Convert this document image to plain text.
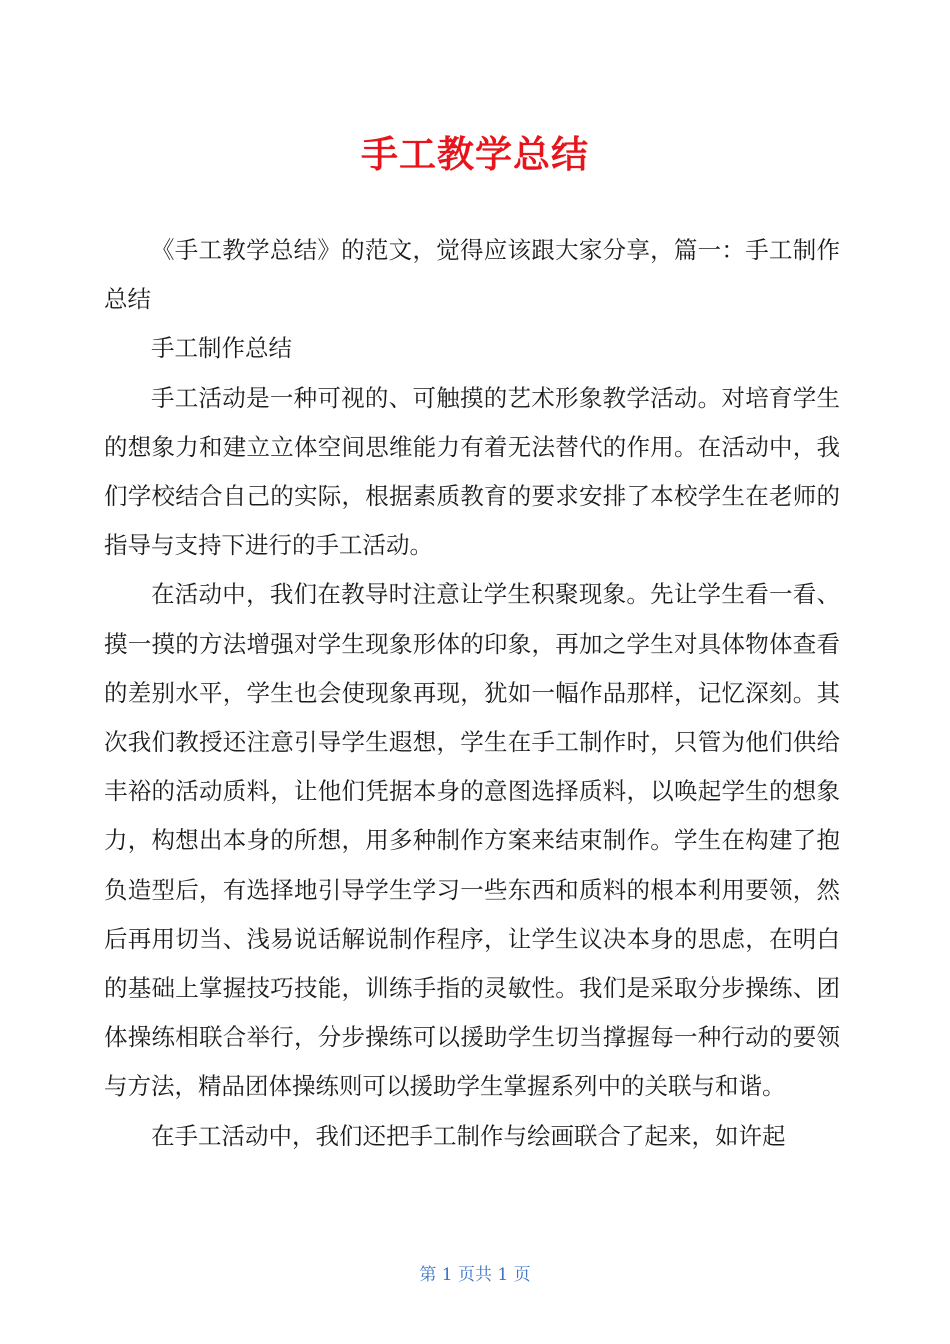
手工教学总结

《手工教学总结》的范文，觉得应该跟大家分享，篇一：手工制作总结

手工制作总结

手工活动是一种可视的、可触摸的艺术形象教学活动。对培育学生的想象力和建立立体空间思维能力有着无法替代的作用。在活动中，我们学校结合自己的实际，根据素质教育的要求安排了本校学生在老师的指导与支持下进行的手工活动。

在活动中，我们在教导时注意让学生积聚现象。先让学生看一看、摸一摸的方法增强对学生现象形体的印象，再加之学生对具体物体查看的差别水平，学生也会使现象再现，犹如一幅作品那样，记忆深刻。其次我们教授还注意引导学生遐想，学生在手工制作时，只管为他们供给丰裕的活动质料，让他们凭据本身的意图选择质料，以唤起学生的想象力，构想出本身的所想，用多种制作方案来结束制作。学生在构建了抱负造型后，有选择地引导学生学习一些东西和质料的根本利用要领，然后再用切当、浅易说话解说制作程序，让学生议决本身的思虑，在明白的基础上掌握技巧技能，训练手指的灵敏性。我们是采取分步操练、团体操练相联合举行，分步操练可以援助学生切当撑握每一种行动的要领与方法，精品团体操练则可以援助学生掌握系列中的关联与和谐。

在手工活动中，我们还把手工制作与绘画联合了起来，如许起

第 1 页共 1 页
